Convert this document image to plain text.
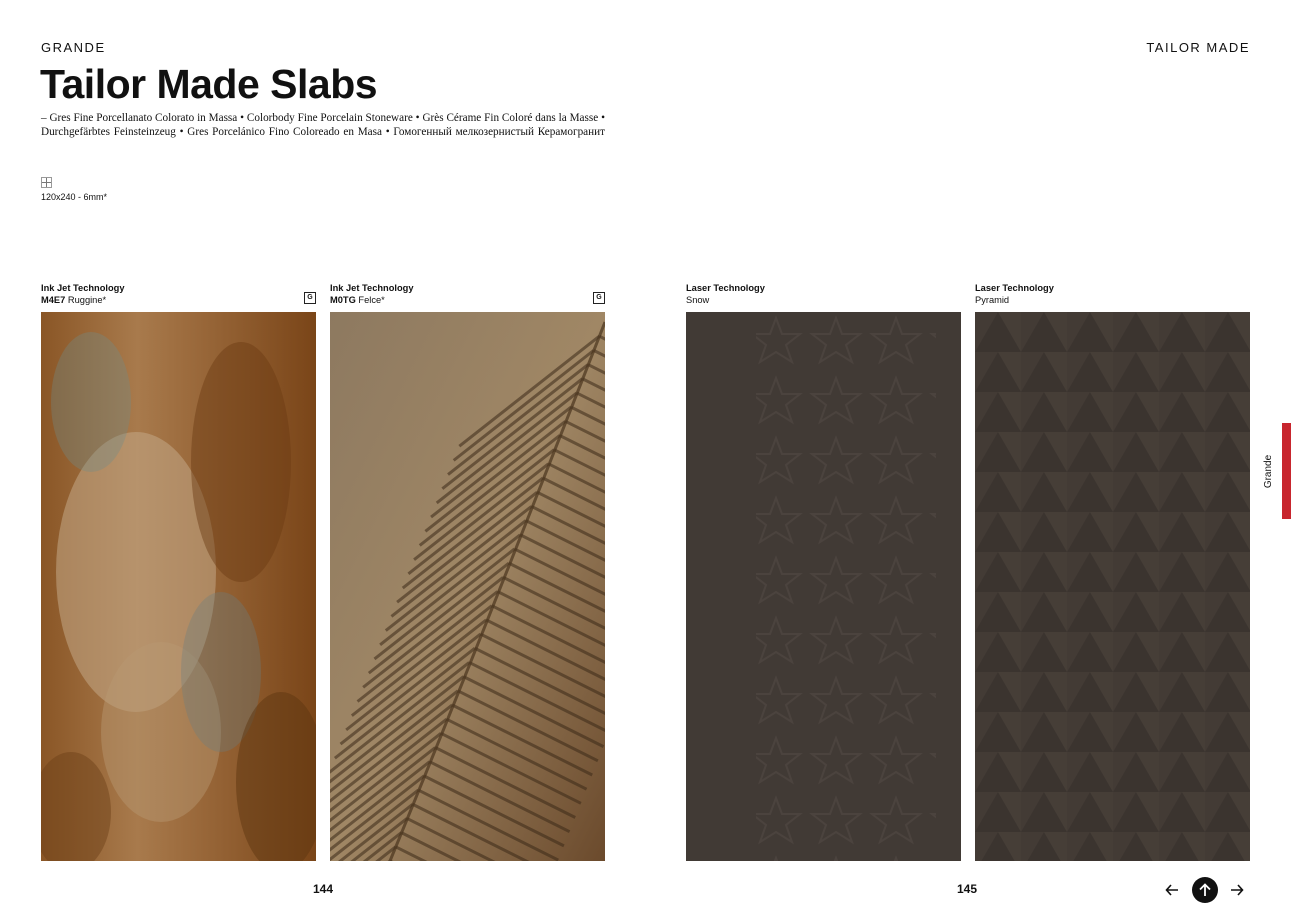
GRANDE	TAILOR MADE
Tailor Made Slabs
– Gres Fine Porcellanato Colorato in Massa • Colorbody Fine Porcelain Stoneware • Grès Cérame Fin Coloré dans la Masse • Durchgefärbtes Feinsteinzeug • Gres Porcelánico Fino Coloreado en Masa • Гомогенный мелкозернистый Керамогранит
120x240 - 6mm*
Ink Jet Technology
M4E7 Ruggine*	G
Ink Jet Technology
M0TG Felce*	G
Laser Technology
Snow
Laser Technology
Pyramid
144	145
Grande
